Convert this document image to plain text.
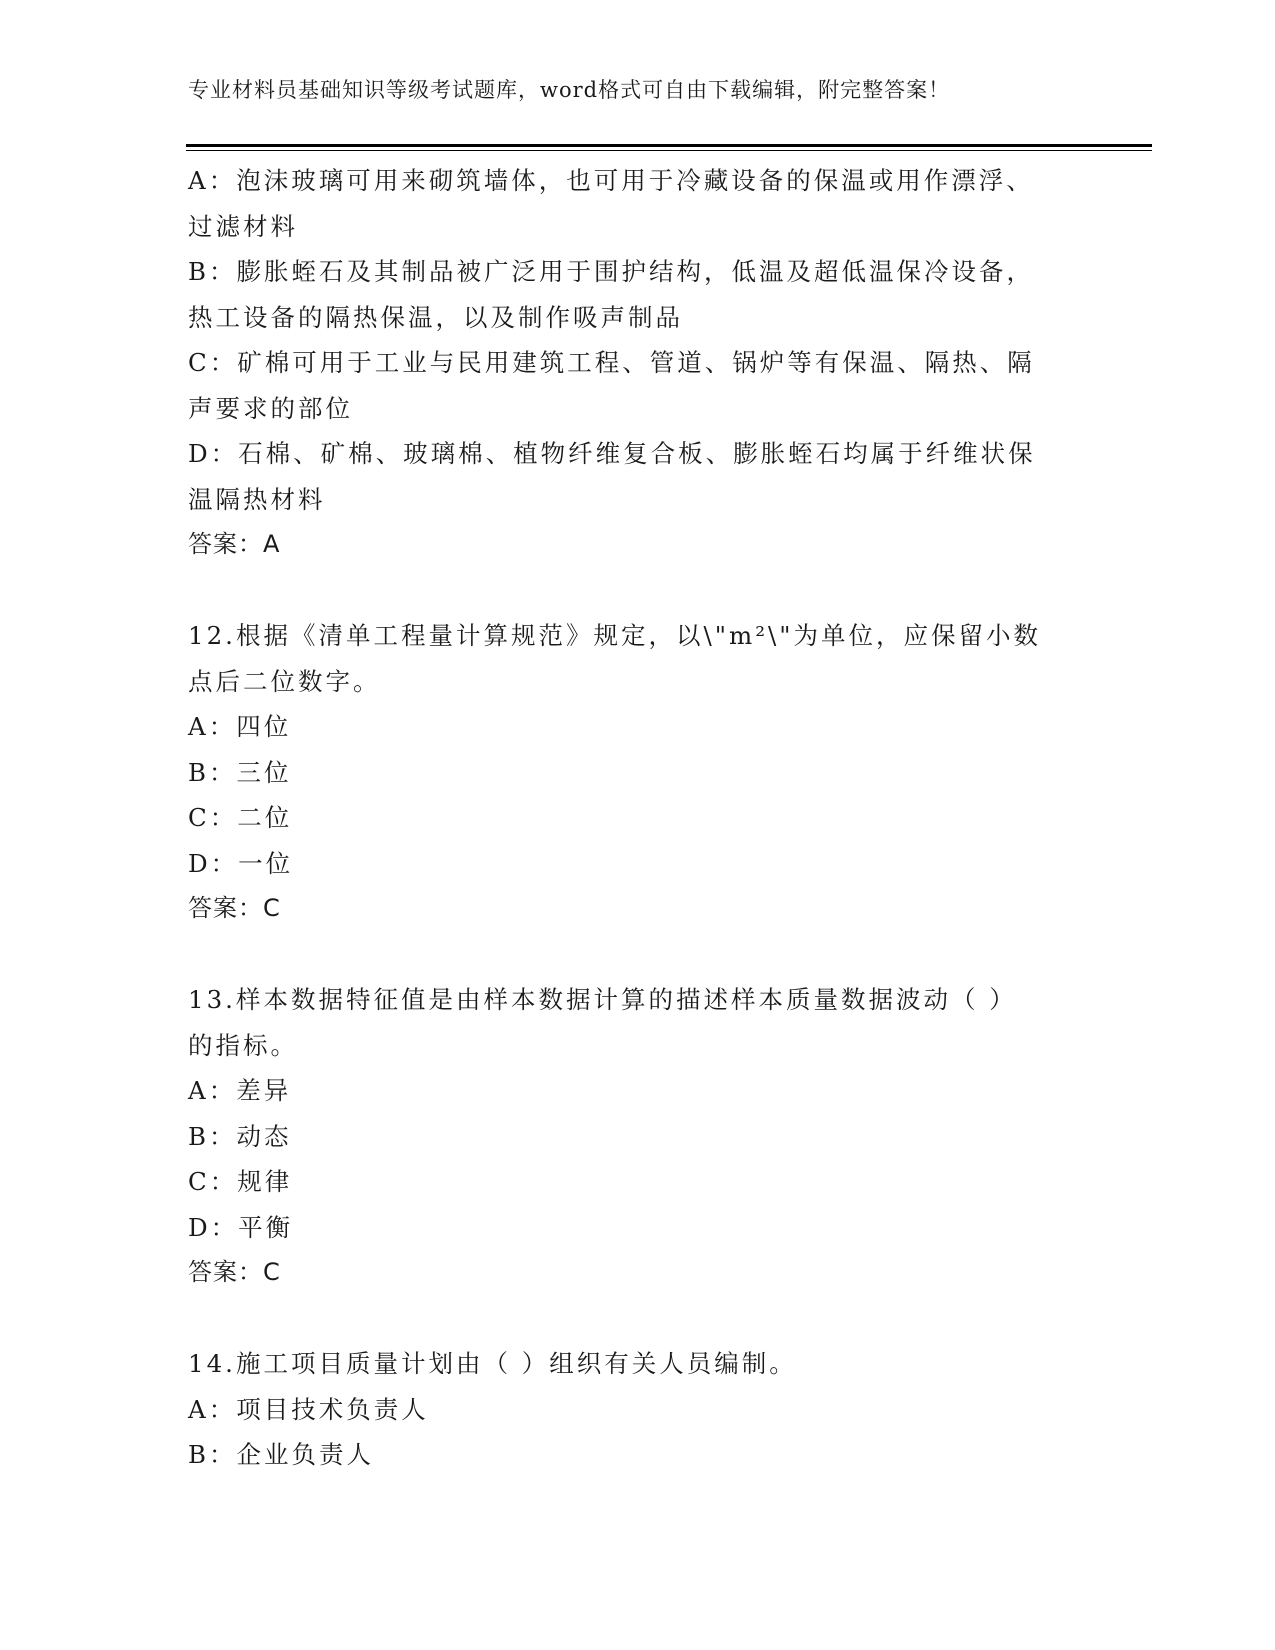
专业材料员基础知识等级考试题库，word格式可自由下载编辑，附完整答案！
A：泡沫玻璃可用来砌筑墙体，也可用于冷藏设备的保温或用作漂浮、
过滤材料
B：膨胀蛭石及其制品被广泛用于围护结构，低温及超低温保冷设备，
热工设备的隔热保温，以及制作吸声制品
C：矿棉可用于工业与民用建筑工程、管道、锅炉等有保温、隔热、隔
声要求的部位
D：石棉、矿棉、玻璃棉、植物纤维复合板、膨胀蛭石均属于纤维状保
温隔热材料
答案：A
12.根据《清单工程量计算规范》规定，以\"m²\"为单位，应保留小数
点后二位数字。
A：四位
B：三位
C：二位
D：一位
答案：C
13.样本数据特征值是由样本数据计算的描述样本质量数据波动（ ）
的指标。
A：差异
B：动态
C：规律
D：平衡
答案：C
14.施工项目质量计划由（ ）组织有关人员编制。
A：项目技术负责人
B：企业负责人
